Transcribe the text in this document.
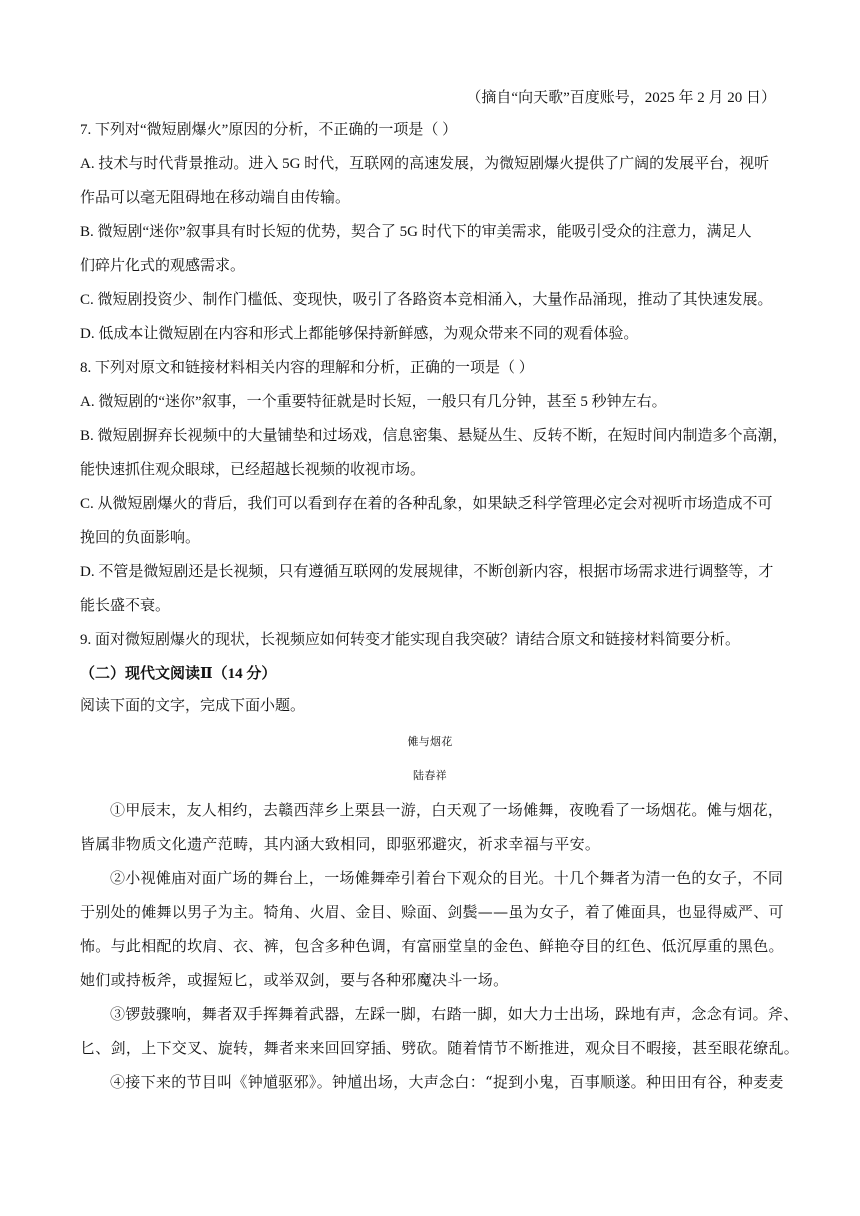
（摘自“向天歌”百度账号，2025 年 2 月 20 日）
7. 下列对“微短剧爆火”原因的分析，不正确的一项是（ ）
A. 技术与时代背景推动。进入 5G 时代，互联网的高速发展，为微短剧爆火提供了广阔的发展平台，视听
作品可以毫无阻碍地在移动端自由传输。
B. 微短剧“迷你”叙事具有时长短的优势，契合了 5G 时代下的审美需求，能吸引受众的注意力，满足人
们碎片化式的观感需求。
C. 微短剧投资少、制作门槛低、变现快，吸引了各路资本竞相涌入，大量作品涌现，推动了其快速发展。
D. 低成本让微短剧在内容和形式上都能够保持新鲜感，为观众带来不同的观看体验。
8. 下列对原文和链接材料相关内容的理解和分析，正确的一项是（ ）
A. 微短剧的“迷你”叙事，一个重要特征就是时长短，一般只有几分钟，甚至 5 秒钟左右。
B. 微短剧摒弃长视频中的大量铺垫和过场戏，信息密集、悬疑丛生、反转不断，在短时间内制造多个高潮，
能快速抓住观众眼球，已经超越长视频的收视市场。
C. 从微短剧爆火的背后，我们可以看到存在着的各种乱象，如果缺乏科学管理必定会对视听市场造成不可
挽回的负面影响。
D. 不管是微短剧还是长视频，只有遵循互联网的发展规律，不断创新内容，根据市场需求进行调整等，才
能长盛不衰。
9. 面对微短剧爆火的现状，长视频应如何转变才能实现自我突破？请结合原文和链接材料简要分析。
（二）现代文阅读Ⅱ（14 分）
阅读下面的文字，完成下面小题。
傩与烟花
陆春祥
①甲辰末，友人相约，去赣西萍乡上栗县一游，白天观了一场傩舞，夜晚看了一场烟花。傩与烟花，
皆属非物质文化遗产范畴，其内涵大致相同，即驱邪避灾，祈求幸福与平安。
②小视傩庙对面广场的舞台上，一场傩舞牵引着台下观众的目光。十几个舞者为清一色的女子，不同
于别处的傩舞以男子为主。犄角、火眉、金目、赊面、剑鬓——虽为女子，着了傩面具，也显得威严、可
怖。与此相配的坎肩、衣、裤，包含多种色调，有富丽堂皇的金色、鲜艳夺目的红色、低沉厚重的黑色。
她们或持板斧，或握短匕，或举双剑，要与各种邪魔决斗一场。
③锣鼓骤响，舞者双手挥舞着武器，左踩一脚，右踏一脚，如大力士出场，跺地有声，念念有词。斧、
匕、剑，上下交叉、旋转，舞者来来回回穿插、劈砍。随着情节不断推进，观众目不暇接，甚至眼花缭乱。
④接下来的节目叫《钟馗驱邪》。钟馗出场，大声念白：“捉到小鬼，百事顺遂。种田田有谷，种麦麦
